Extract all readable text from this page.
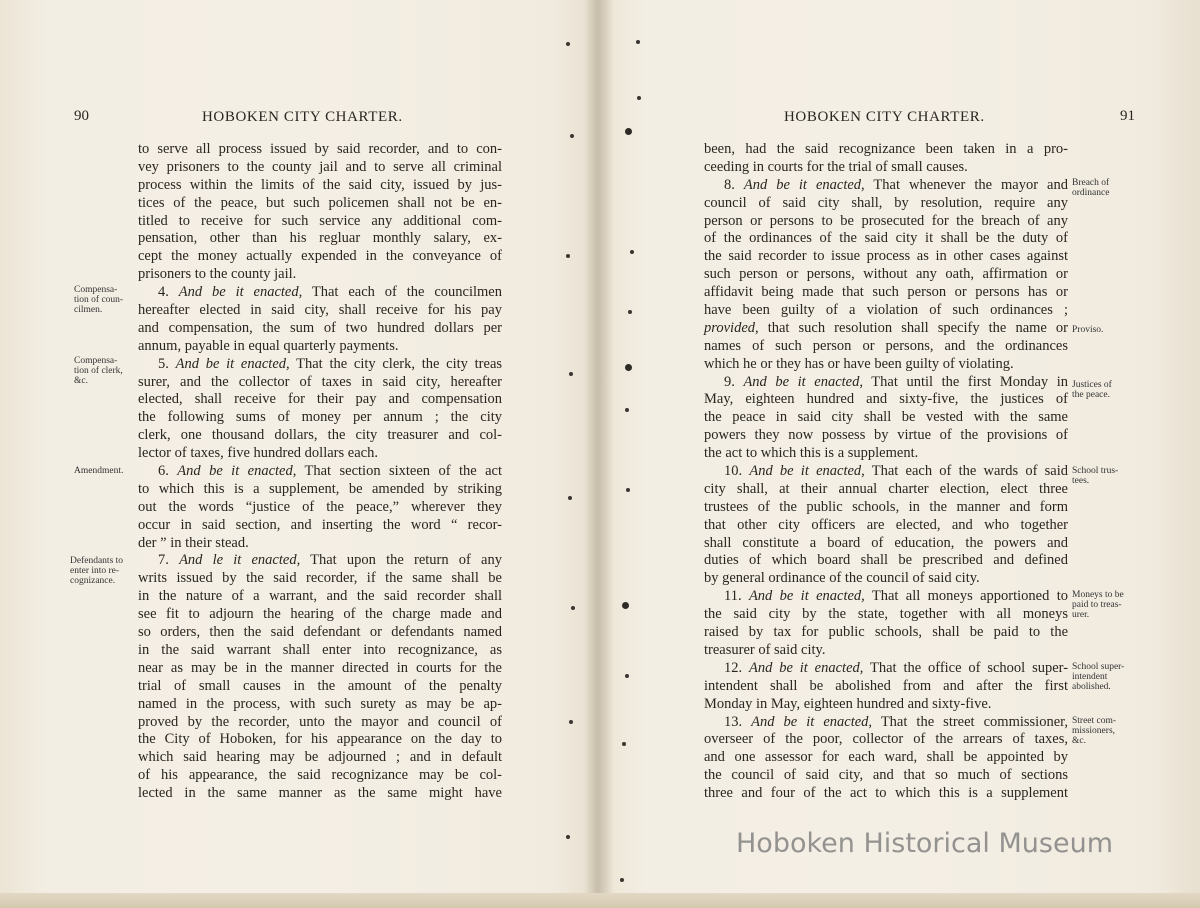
90	HOBOKEN CITY CHARTER.
to serve all process issued by said recorder, and to con-
vey prisoners to the county jail and to serve all criminal
process within the limits of the said city, issued by jus-
tices of the peace, but such policemen shall not be en-
titled to receive for such service any additional com-
pensation, other than his regluar monthly salary, ex-
cept the money actually expended in the conveyance of
prisoners to the county jail.
4. And be it enacted, That each of the councilmen
hereafter elected in said city, shall receive for his pay
and compensation, the sum of two hundred dollars per
annum, payable in equal quarterly payments.
5. And be it enacted, That the city clerk, the city treas
surer, and the collector of taxes in said city, hereafter
elected, shall receive for their pay and compensation
the following sums of money per annum ; the city
clerk, one thousand dollars, the city treasurer and col-
lector of taxes, five hundred dollars each.
6. And be it enacted, That section sixteen of the act
to which this is a supplement, be amended by striking
out the words “justice of the peace,” wherever they
occur in said section, and inserting the word “ recor-
der ” in their stead.
7. And le it enacted, That upon the return of any
writs issued by the said recorder, if the same shall be
in the nature of a warrant, and the said recorder shall
see fit to adjourn the hearing of the charge made and
so orders, then the said defendant or defendants named
in the said warrant shall enter into recognizance, as
near as may be in the manner directed in courts for the
trial of small causes in the amount of the penalty
named in the process, with such surety as may be ap-
proved by the recorder, unto the mayor and council of
the City of Hoboken, for his appearance on the day to
which said hearing may be adjourned ; and in default
of his appearance, the said recognizance may be col-
lected in the same manner as the same might have
Compensa-
tion of coun-
cilmen.
Compensa-
tion of clerk,
&c.
Amendment.
Defendants to
enter into re-
cognizance.
HOBOKEN CITY CHARTER.	91
been, had the said recognizance been taken in a pro-
ceeding in courts for the trial of small causes.
8. And be it enacted, That whenever the mayor and
council of said city shall, by resolution, require any
person or persons to be prosecuted for the breach of any
of the ordinances of the said city it shall be the duty of
the said recorder to issue process as in other cases against
such person or persons, without any oath, affirmation or
affidavit being made that such person or persons has or
have been guilty of a violation of such ordinances ;
provided, that such resolution shall specify the name or
names of such person or persons, and the ordinances
which he or they has or have been guilty of violating.
9. And be it enacted, That until the first Monday in
May, eighteen hundred and sixty-five, the justices of
the peace in said city shall be vested with the same
powers they now possess by virtue of the provisions of
the act to which this is a supplement.
10. And be it enacted, That each of the wards of said
city shall, at their annual charter election, elect three
trustees of the public schools, in the manner and form
that other city officers are elected, and who together
shall constitute a board of education, the powers and
duties of which board shall be prescribed and defined
by general ordinance of the council of said city.
11. And be it enacted, That all moneys apportioned to
the said city by the state, together with all moneys
raised by tax for public schools, shall be paid to the
treasurer of said city.
12. And be it enacted, That the office of school super-
intendent shall be abolished from and after the first
Monday in May, eighteen hundred and sixty-five.
13. And be it enacted, That the street commissioner,
overseer of the poor, collector of the arrears of taxes,
and one assessor for each ward, shall be appointed by
the council of said city, and that so much of sections
three and four of the act to which this is a supplement
Breach of
ordinance
Proviso.
Justices of
the peace.
School trus-
tees.
Moneys to be
paid to treas-
urer.
School super-
intendent
abolished.
Street com-
missioners,
&c.
Hoboken Historical Museum
